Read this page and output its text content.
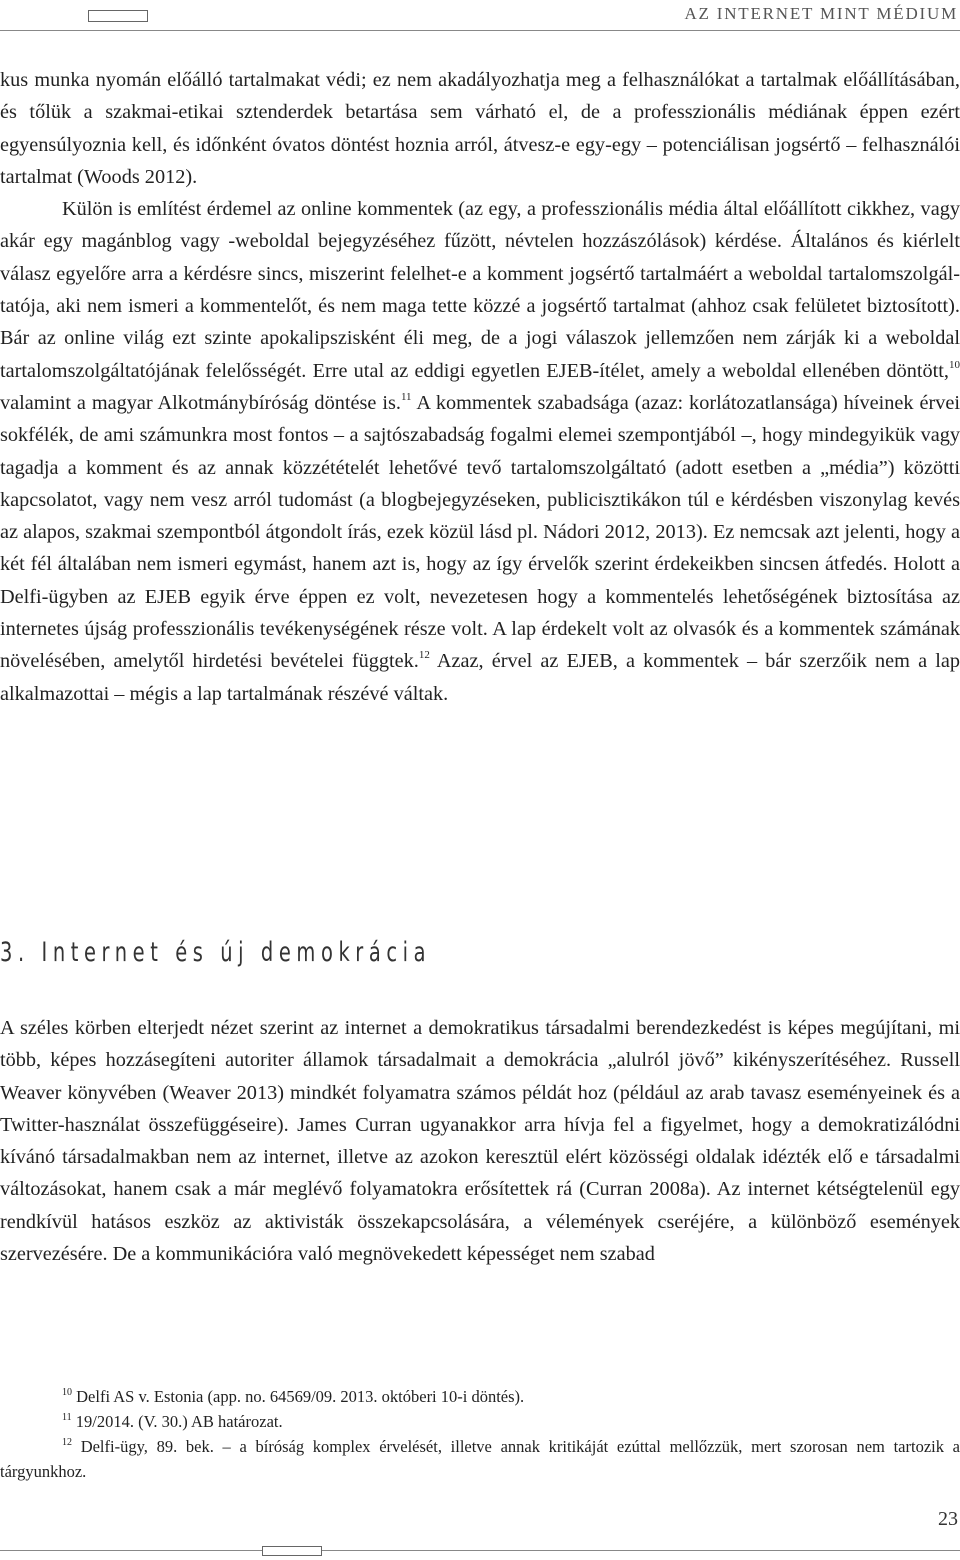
AZ INTERNET MINT MÉDIUM

kus munka nyomán előálló tartalmakat védi; ez nem akadályozhatja meg a felhasználókat a tartalmak előállításában, és tőlük a szakmai-etikai sztenderdek betartása sem várható el, de a professzionális médiának éppen ezért egyensúlyoznia kell, és időnként óvatos döntést hoznia arról, átvesz-e egy-egy – potenciálisan jogsértő – felhasználói tartalmat (Woods 2012).

Külön is említést érdemel az online kommentek (az egy, a professzionális média által előállított cikkhez, vagy akár egy magánblog vagy -weboldal bejegyzéséhez fűzött, névtelen hozzászólások) kérdése. Általános és kiérlelt válasz egyelőre arra a kérdésre sincs, miszerint felelhet-e a komment jogsértő tartalmáért a weboldal tartalomszolgáltatója, aki nem ismeri a kommentelőt, és nem maga tette közzé a jogsértő tartalmat (ahhoz csak felületet biztosított). Bár az online világ ezt szinte apokalipszisként éli meg, de a jogi válaszok jellemzően nem zárják ki a weboldal tartalomszolgáltatójának felelősségét. Erre utal az eddigi egyetlen EJEB-ítélet, amely a weboldal ellenében döntött,$^{10}$ valamint a magyar Alkotmánybíróság döntése is.$^{11}$ A kommentek szabadsága (azaz: korlátozatlansága) híveinek érvei sokfélék, de ami számunkra most fontos – a sajtószabadság fogalmi elemei szempontjából –, hogy mindegyikük vagy tagadja a komment és az annak közzétételét lehetővé tevő tartalomszolgáltató (adott esetben a „média”) közötti kapcsolatot, vagy nem vesz arról tudomást (a blogbejegyzéseken, publicisztikákon túl e kérdésben viszonylag kevés az alapos, szakmai szempontból átgondolt írás, ezek közül lásd pl. Nádori 2012, 2013). Ez nemcsak azt jelenti, hogy a két fél általában nem ismeri egymást, hanem azt is, hogy az így érvelők szerint érdekeikben sincsen átfedés. Holott a Delfi-ügyben az EJEB egyik érve éppen ez volt, nevezetesen hogy a kommentelés lehetőségének biztosítása az internetes újság professzionális tevékenységének része volt. A lap érdekelt volt az olvasók és a kommentek számának növelésében, amelytől hirdetési bevételei függtek.$^{12}$ Azaz, érvel az EJEB, a kommentek – bár szerzőik nem a lap alkalmazottai – mégis a lap tartalmának részévé váltak.

3. Internet és új demokrácia

A széles körben elterjedt nézet szerint az internet a demokratikus társadalmi berendezkedést is képes megújítani, mi több, képes hozzásegíteni autoriter államok társadalmait a demokrácia „alulról jövő” kikényszerítéséhez. Russell Weaver könyvében (Weaver 2013) mindkét folyamatra számos példát hoz (például az arab tavasz eseményeinek és a Twitter-használat összefüggéseire). James Curran ugyanakkor arra hívja fel a figyelmet, hogy a demokratizálódni kívánó társadalmakban nem az internet, illetve az azokon keresztül elért közösségi oldalak idézték elő e társadalmi változásokat, hanem csak a már meglévő folyamatokra erősítettek rá (Curran 2008a). Az internet kétségtelenül egy rendkívül hatásos eszköz az aktivisták összekapcsolására, a vélemények cseréjére, a különböző események szervezésére. De a kommunikációra való megnövekedett képességet nem szabad

$^{10}$ Delfi AS v. Estonia (app. no. 64569/09. 2013. októberi 10-i döntés).

$^{11}$ 19/2014. (V. 30.) AB határozat.

$^{12}$ Delfi-ügy, 89. bek. – a bíróság komplex érvelését, illetve annak kritikáját ezúttal mellőzzük, mert szorosan nem tartozik a tárgyunkhoz.

23
